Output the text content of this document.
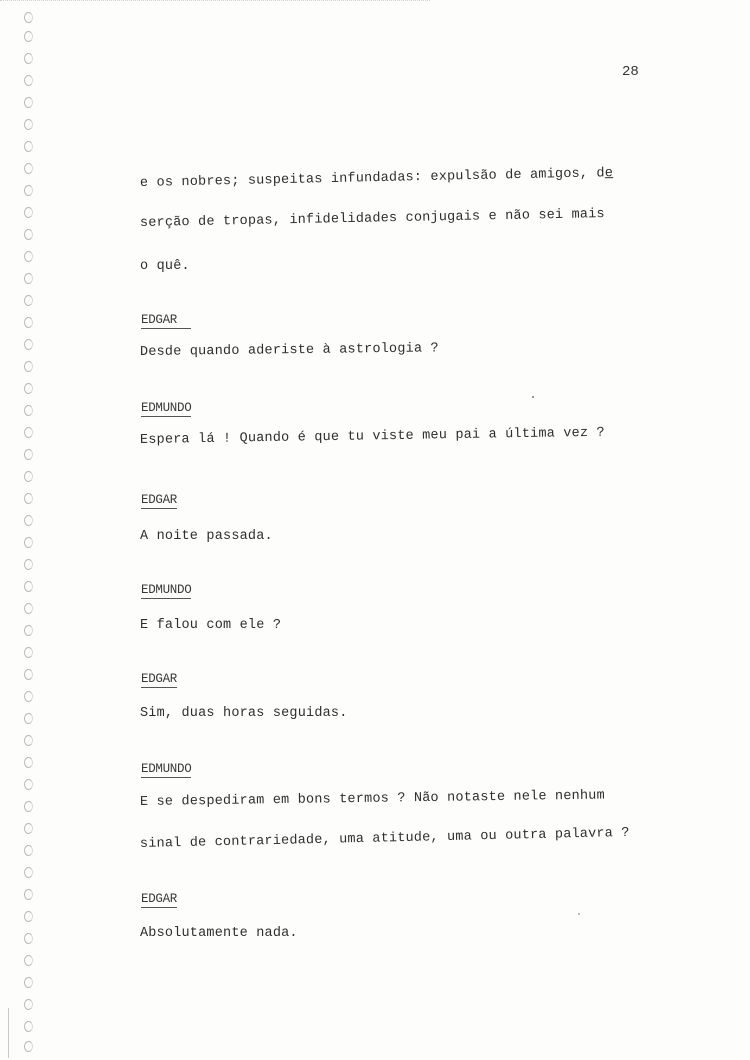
28
e os nobres; suspeitas infundadas: expulsão de amigos, de
serção de tropas, infidelidades conjugais e não sei mais
o quê.
EDGAR
Desde quando aderiste à astrologia ?
EDMUNDO
Espera lá ! Quando é que tu viste meu pai a última vez ?
EDGAR
A noite passada.
EDMUNDO
E falou com ele ?
EDGAR
Sim, duas horas seguidas.
EDMUNDO
E se despediram em bons termos ? Não notaste nele nenhum
sinal de contrariedade, uma atitude, uma ou outra palavra ?
EDGAR
Absolutamente nada.
